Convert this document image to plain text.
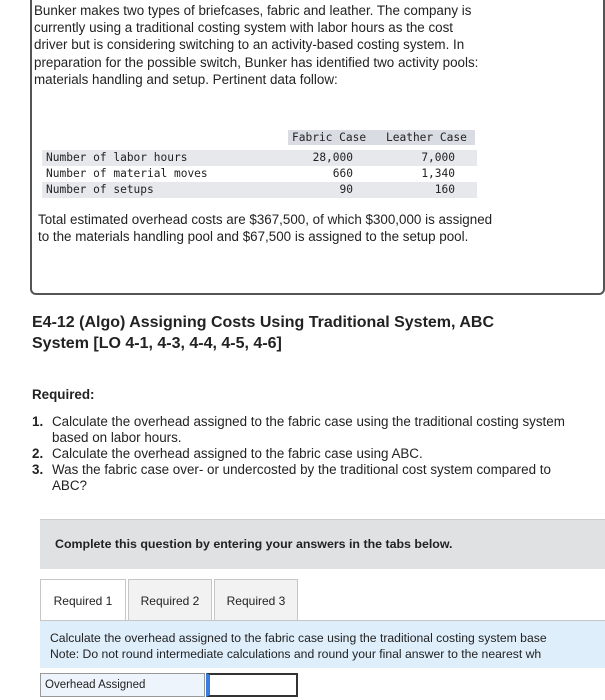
Bunker makes two types of briefcases, fabric and leather. The company is currently using a traditional costing system with labor hours as the cost driver but is considering switching to an activity-based costing system. In preparation for the possible switch, Bunker has identified two activity pools: materials handling and setup. Pertinent data follow:

Fabric Case Leather Case
Number of labor hours	28,000	7,000
Number of material moves	660	1,340
Number of setups	90	160

Total estimated overhead costs are $367,500, of which $300,000 is assigned to the materials handling pool and $67,500 is assigned to the setup pool.

E4-12 (Algo) Assigning Costs Using Traditional System, ABC System [LO 4-1, 4-3, 4-4, 4-5, 4-6]

Required:

1. Calculate the overhead assigned to the fabric case using the traditional costing system based on labor hours.
2. Calculate the overhead assigned to the fabric case using ABC.
3. Was the fabric case over- or undercosted by the traditional cost system compared to ABC?
Complete this question by entering your answers in the tabs below.
Required 1	Required 2	Required 3

Calculate the overhead assigned to the fabric case using the traditional costing system base

Note: Do not round intermediate calculations and round your final answer to the nearest wh

Overhead Assigned
